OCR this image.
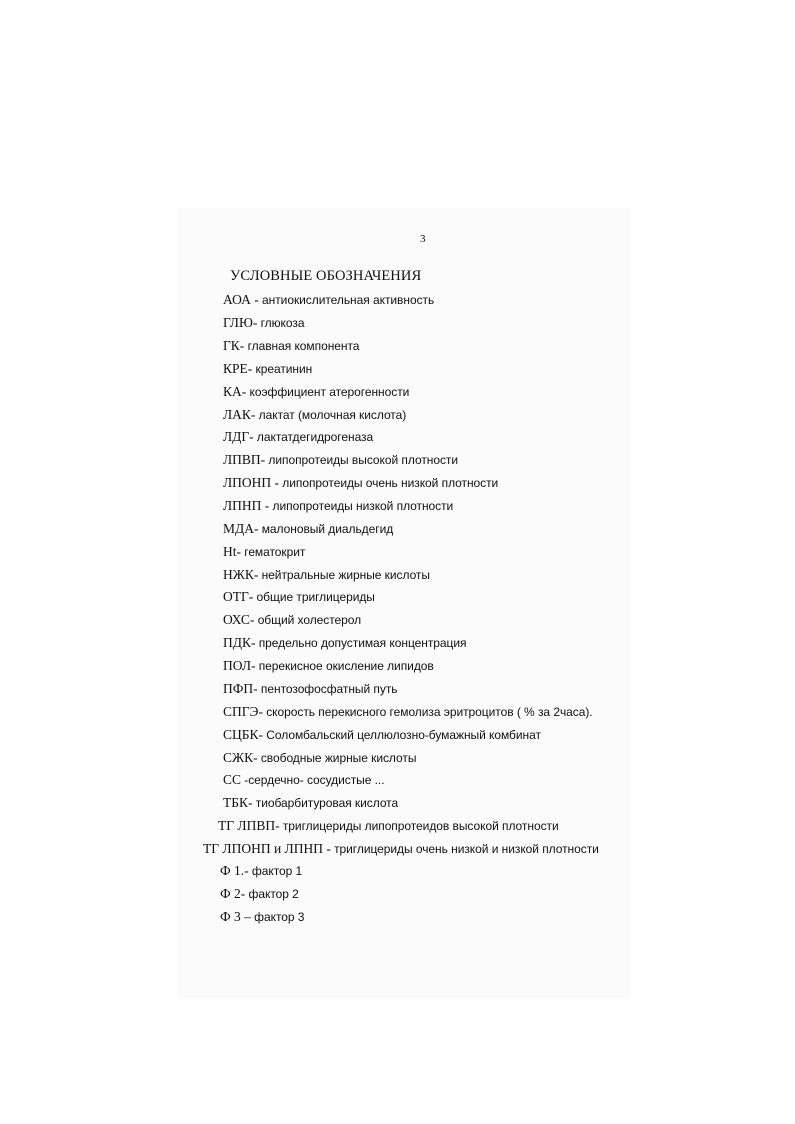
3
УСЛОВНЫЕ ОБОЗНАЧЕНИЯ
АОА - антиокислительная активность
ГЛЮ- глюкоза
ГК- главная компонента
КРЕ- креатинин
КА- коэффициент атерогенности
ЛАК- лактат (молочная кислота)
ЛДГ- лактатдегидрогеназа
ЛПВП- липопротеиды высокой плотности
ЛПОНП - липопротеиды очень низкой плотности
ЛПНП - липопротеиды низкой плотности
МДА- малоновый диальдегид
Ht- гематокрит
НЖК- нейтральные жирные кислоты
ОТГ- общие триглицериды
ОХС- общий холестерол
ПДК- предельно допустимая концентрация
ПОЛ- перекисное окисление липидов
ПФП- пентозофосфатный путь
СПГЭ- скорость перекисного гемолиза эритроцитов ( % за 2часа).
СЦБК- Соломбальский целлюлозно-бумажный комбинат
СЖК- свободные жирные кислоты
СС -сердечно- сосудистые ...
ТБК- тиобарбитуровая кислота
ТГ ЛПВП- триглицериды липопротеидов высокой плотности
ТГ ЛПОНП и ЛПНП - триглицериды очень низкой и низкой плотности
Ф 1.- фактор 1
Ф 2- фактор 2
Ф 3 – фактор 3
